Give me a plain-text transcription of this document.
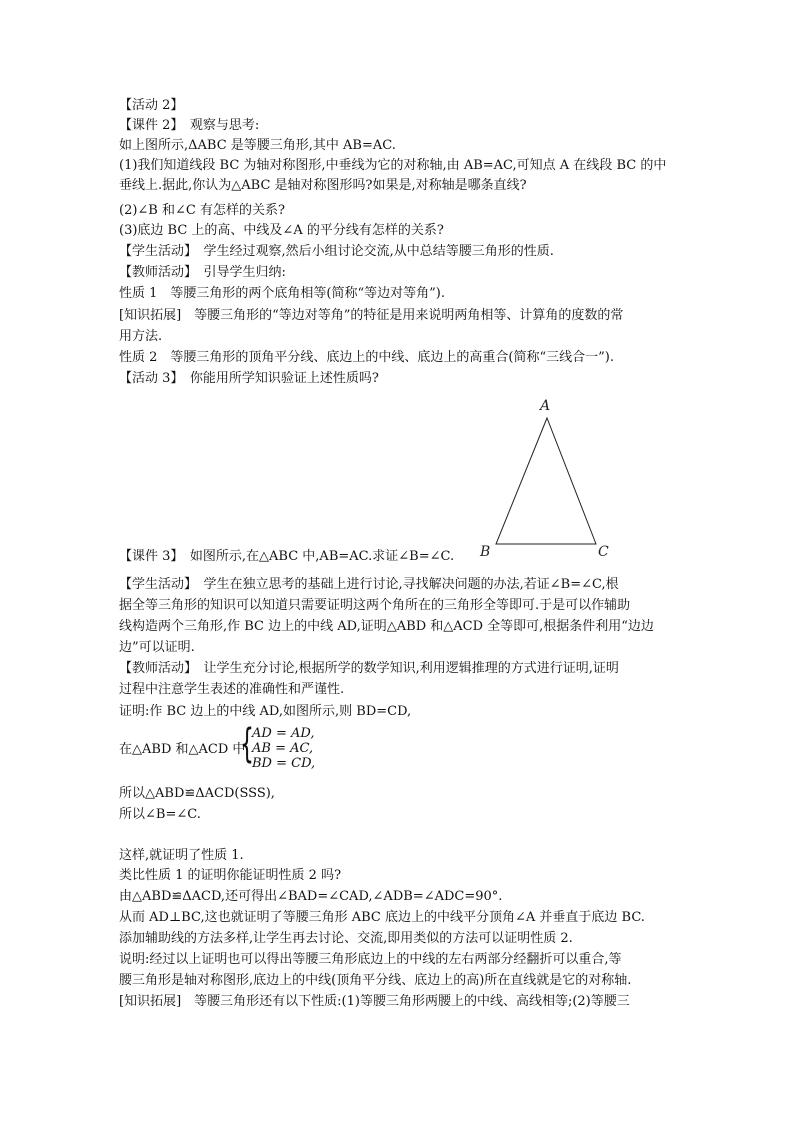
【活动 2】
【课件 2】　观察与思考:
如上图所示,ΔABC 是等腰三角形,其中 AB=AC.
(1)我们知道线段 BC 为轴对称图形,中垂线为它的对称轴,由 AB=AC,可知点 A 在线段 BC 的中
垂线上.据此,你认为△ABC 是轴对称图形吗?如果是,对称轴是哪条直线?
(2)∠B 和∠C 有怎样的关系?
(3)底边 BC 上的高、中线及∠A 的平分线有怎样的关系?
【学生活动】　学生经过观察,然后小组讨论交流,从中总结等腰三角形的性质.
【教师活动】　引导学生归纳:
性质 1　等腰三角形的两个底角相等(简称“等边对等角”).
[知识拓展]　等腰三角形的“等边对等角”的特征是用来说明两角相等、计算角的度数的常
用方法.
性质 2　等腰三角形的顶角平分线、底边上的中线、底边上的高重合(简称“三线合一”).
【活动 3】　你能用所学知识验证上述性质吗?
A
B	C
【课件 3】　如图所示,在△ABC 中,AB=AC.求证∠B=∠C.
【学生活动】　学生在独立思考的基础上进行讨论,寻找解决问题的办法,若证∠B=∠C,根
据全等三角形的知识可以知道只需要证明这两个角所在的三角形全等即可.于是可以作辅助
线构造两个三角形,作 BC 边上的中线 AD,证明△ABD 和△ACD 全等即可,根据条件利用“边边
边”可以证明.
【教师活动】　让学生充分讨论,根据所学的数学知识,利用逻辑推理的方式进行证明,证明
过程中注意学生表述的准确性和严谨性.
证明:作 BC 边上的中线 AD,如图所示,则 BD=CD,
在△ABD 和△ACD 中,
{
AD = AD,
AB = AC,
BD = CD,
所以△ABD≌ΔACD(SSS),
所以∠B=∠C.
这样,就证明了性质 1.
类比性质 1 的证明你能证明性质 2 吗?
由△ABD≌ΔACD,还可得出∠BAD=∠CAD,∠ADB=∠ADC=90°.
从而 AD⊥BC,这也就证明了等腰三角形 ABC 底边上的中线平分顶角∠A 并垂直于底边 BC.
添加辅助线的方法多样,让学生再去讨论、交流,即用类似的方法可以证明性质 2.
说明:经过以上证明也可以得出等腰三角形底边上的中线的左右两部分经翻折可以重合,等
腰三角形是轴对称图形,底边上的中线(顶角平分线、底边上的高)所在直线就是它的对称轴.
[知识拓展]　等腰三角形还有以下性质:(1)等腰三角形两腰上的中线、高线相等;(2)等腰三
